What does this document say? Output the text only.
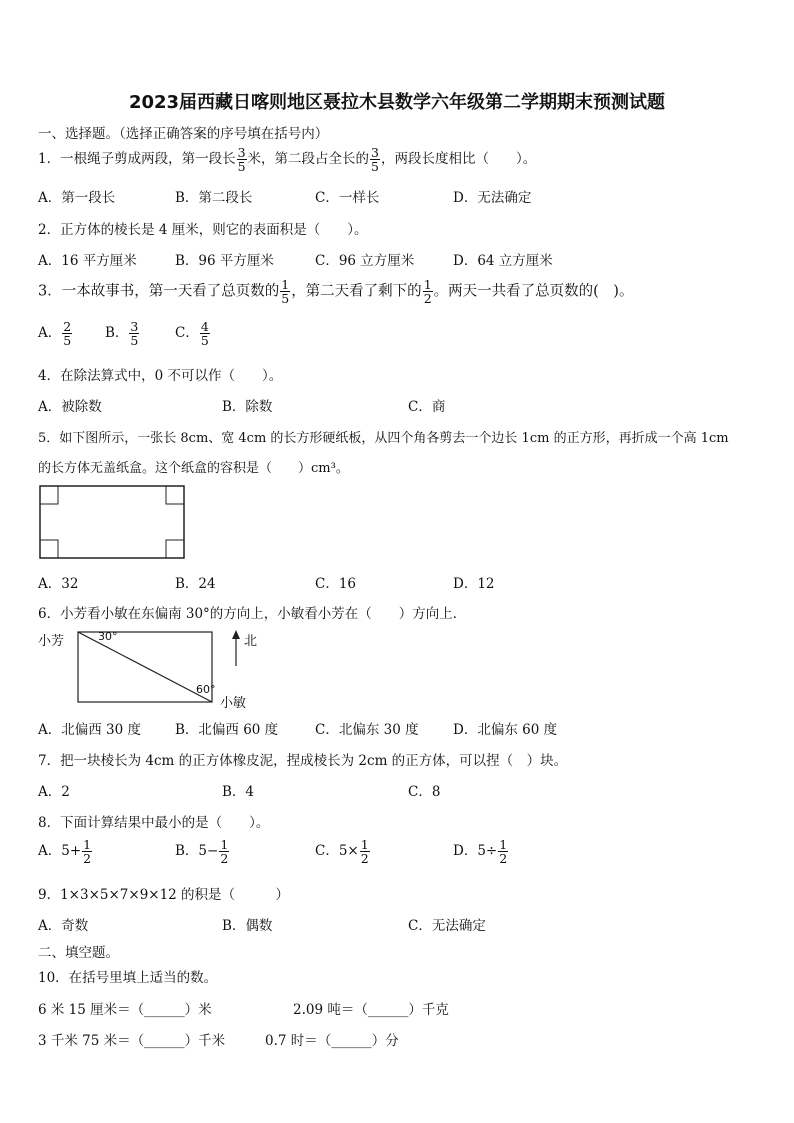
2023届西藏日喀则地区聂拉木县数学六年级第二学期期末预测试题
一、选择题。（选择正确答案的序号填在括号内）
1．一根绳子剪成两段，第一段长 $\frac{3}{5}$ 米，第二段占全长的 $\frac{3}{5}$ ，两段长度相比（　　）。
A．第一段长	B．第二段长	C．一样长	D．无法确定
2．正方体的棱长是 4 厘米，则它的表面积是（　　）。
A．16 平方厘米	B．96 平方厘米	C．96 立方厘米	D．64 立方厘米
3．一本故事书，第一天看了总页数的 $\frac{1}{5}$ ，第二天看了剩下的 $\frac{1}{2}$ 。两天一共看了总页数的(　)。
A． $\frac{2}{5}$ B． $\frac{3}{5}$	C． $\frac{4}{5}$
4．在除法算式中，0 不可以作（　　）。
A．被除数	B．除数	C．商
5．如下图所示，一张长 8cm、宽 4cm 的长方形硬纸板，从四个角各剪去一个边长 1cm 的正方形，再折成一个高 1cm
的长方体无盖纸盒。这个纸盒的容积是（　　）cm³。
A．32	B．24	C．16	D．12
6．小芳看小敏在东偏南 30°的方向上，小敏看小芳在（　　）方向上．
小芳	30°	北
60°
小敏
A．北偏西 30 度	B．北偏西 60 度	C．北偏东 30 度	D．北偏东 60 度
7．把一块棱长为 4cm 的正方体橡皮泥，捏成棱长为 2cm 的正方体，可以捏（　）块。
A．2	B．4	C．8
8．下面计算结果中最小的是（　　）。
A．$5+ \frac{1}{2}$	B．$5- \frac{1}{2}$	C．$5\times \frac{1}{2}$	D．$5\div \frac{1}{2}$
9．1×3×5×7×9×12 的积是（　　　）
A．奇数	B．偶数	C．无法确定
二、填空题。
10．在括号里填上适当的数。
6 米 15 厘米＝（______）米	2.09 吨＝（______）千克
3 千米 75 米＝（______）千米	0.7 时＝（______）分
